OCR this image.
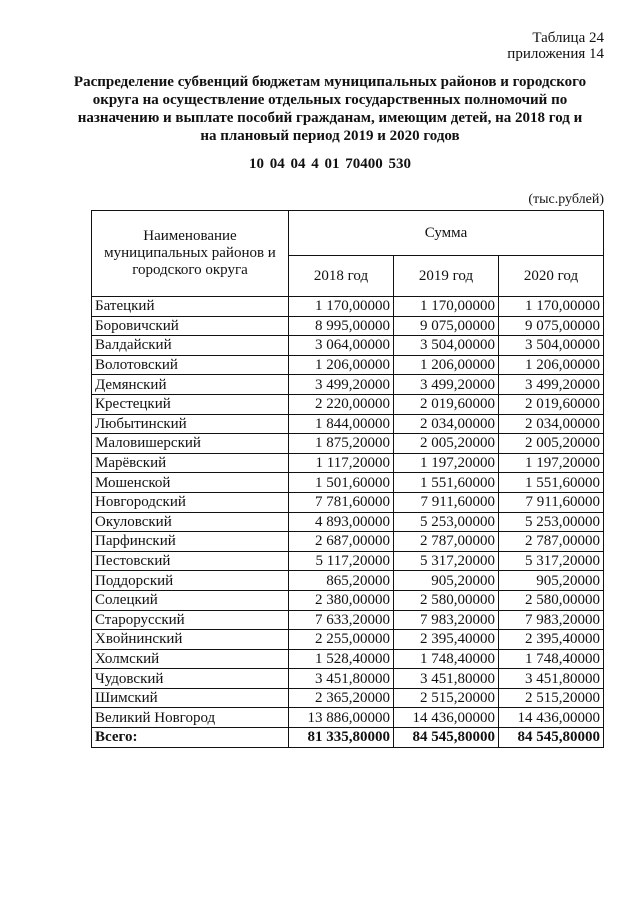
Таблица 24
приложения 14
Распределение субвенций бюджетам муниципальных районов и городского округа на осуществление отдельных государственных полномочий по назначению и выплате пособий гражданам, имеющим детей, на 2018 год и на плановый период 2019 и 2020 годов
10 04 04 4 01 70400 530
(тыс.рублей)
Наименование муниципальных районов и городского округа	Сумма		
	2018 год	2019 год	2020 год
Батецкий	1 170,00000	1 170,00000	1 170,00000
Боровичский	8 995,00000	9 075,00000	9 075,00000
Валдайский	3 064,00000	3 504,00000	3 504,00000
Волотовский	1 206,00000	1 206,00000	1 206,00000
Демянский	3 499,20000	3 499,20000	3 499,20000
Крестецкий	2 220,00000	2 019,60000	2 019,60000
Любытинский	1 844,00000	2 034,00000	2 034,00000
Маловишерский	1 875,20000	2 005,20000	2 005,20000
Марёвский	1 117,20000	1 197,20000	1 197,20000
Мошенской	1 501,60000	1 551,60000	1 551,60000
Новгородский	7 781,60000	7 911,60000	7 911,60000
Окуловский	4 893,00000	5 253,00000	5 253,00000
Парфинский	2 687,00000	2 787,00000	2 787,00000
Пестовский	5 117,20000	5 317,20000	5 317,20000
Поддорский	865,20000	905,20000	905,20000
Солецкий	2 380,00000	2 580,00000	2 580,00000
Старорусский	7 633,20000	7 983,20000	7 983,20000
Хвойнинский	2 255,00000	2 395,40000	2 395,40000
Холмский	1 528,40000	1 748,40000	1 748,40000
Чудовский	3 451,80000	3 451,80000	3 451,80000
Шимский	2 365,20000	2 515,20000	2 515,20000
Великий Новгород	13 886,00000	14 436,00000	14 436,00000
Всего:	81 335,80000	84 545,80000	84 545,80000
